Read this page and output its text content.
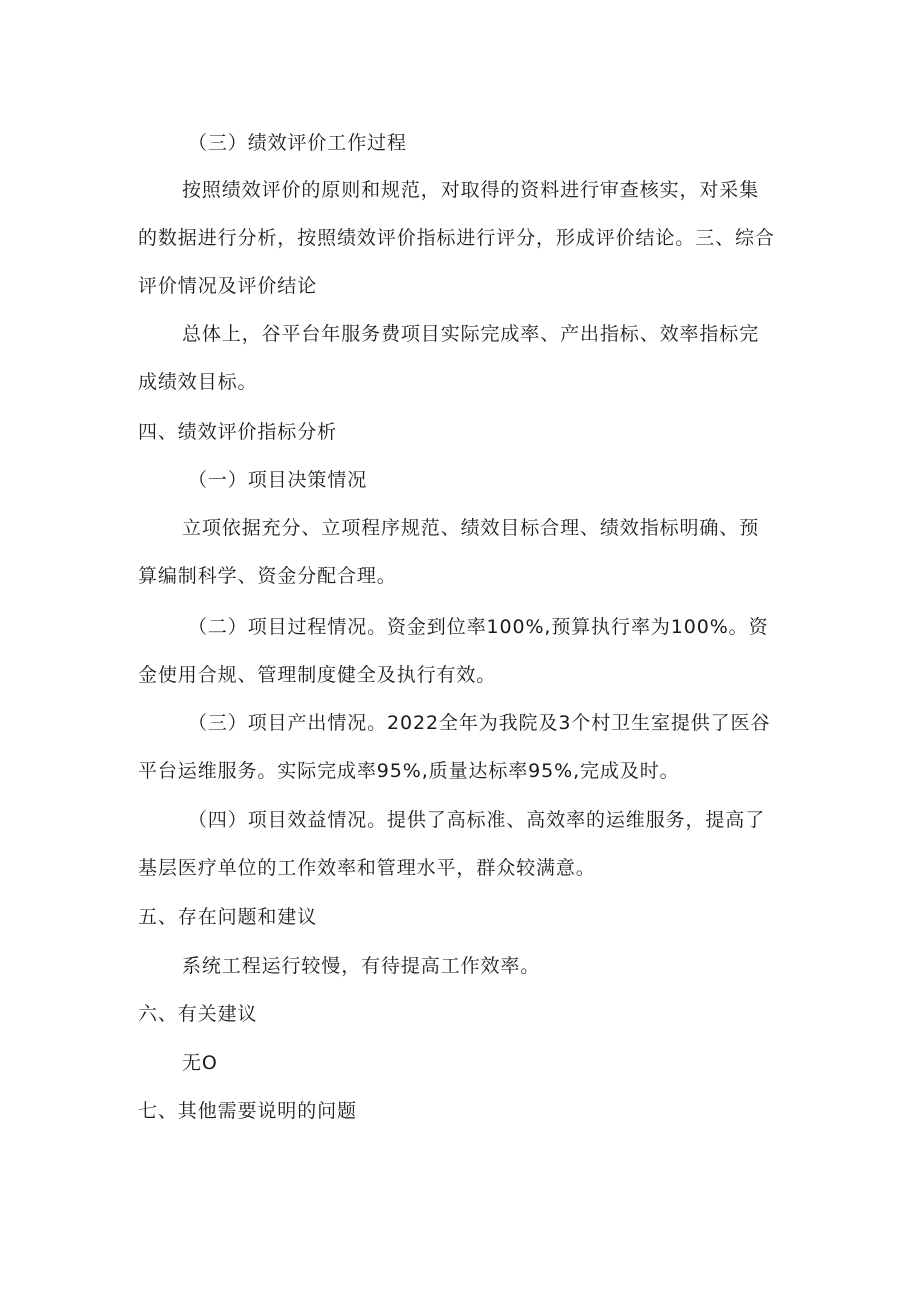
（三）绩效评价工作过程

按照绩效评价的原则和规范，对取得的资料进行审查核实，对采集的数据进行分析，按照绩效评价指标进行评分，形成评价结论。三、综合评价情况及评价结论

总体上，谷平台年服务费项目实际完成率、产出指标、效率指标完成绩效目标。

四、绩效评价指标分析

（一）项目决策情况

立项依据充分、立项程序规范、绩效目标合理、绩效指标明确、预算编制科学、资金分配合理。

（二）项目过程情况。资金到位率100%,预算执行率为100%。资金使用合规、管理制度健全及执行有效。

（三）项目产出情况。2022全年为我院及3个村卫生室提供了医谷平台运维服务。实际完成率95%,质量达标率95%,完成及时。

（四）项目效益情况。提供了高标准、高效率的运维服务，提高了基层医疗单位的工作效率和管理水平，群众较满意。

五、存在问题和建议

系统工程运行较慢，有待提高工作效率。

六、有关建议

无O

七、其他需要说明的问题
